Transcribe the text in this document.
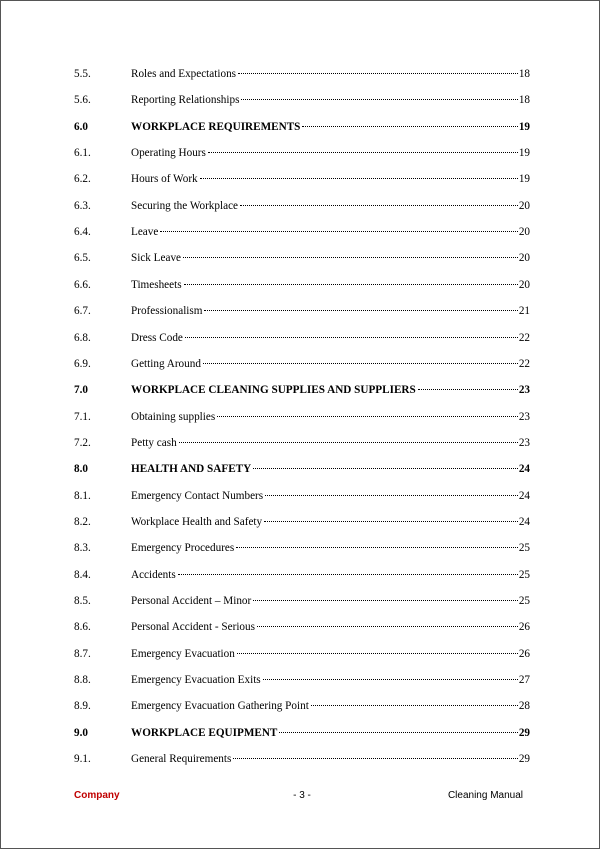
5.5.	Roles and Expectations	18
5.6.	Reporting Relationships	18
6.0	WORKPLACE REQUIREMENTS	19
6.1.	Operating Hours	19
6.2.	Hours of Work	19
6.3.	Securing the Workplace	20
6.4.	Leave	20
6.5.	Sick Leave	20
6.6.	Timesheets	20
6.7.	Professionalism	21
6.8.	Dress Code	22
6.9.	Getting Around	22
7.0	WORKPLACE CLEANING SUPPLIES AND SUPPLIERS	23
7.1.	Obtaining supplies	23
7.2.	Petty cash	23
8.0	HEALTH AND SAFETY	24
8.1.	Emergency Contact Numbers	24
8.2.	Workplace Health and Safety	24
8.3.	Emergency Procedures	25
8.4.	Accidents	25
8.5.	Personal Accident – Minor	25
8.6.	Personal Accident - Serious	26
8.7.	Emergency Evacuation	26
8.8.	Emergency Evacuation Exits	27
8.9.	Emergency Evacuation Gathering Point	28
9.0	WORKPLACE EQUIPMENT	29
9.1.	General Requirements	29
Company	- 3 -	Cleaning Manual
